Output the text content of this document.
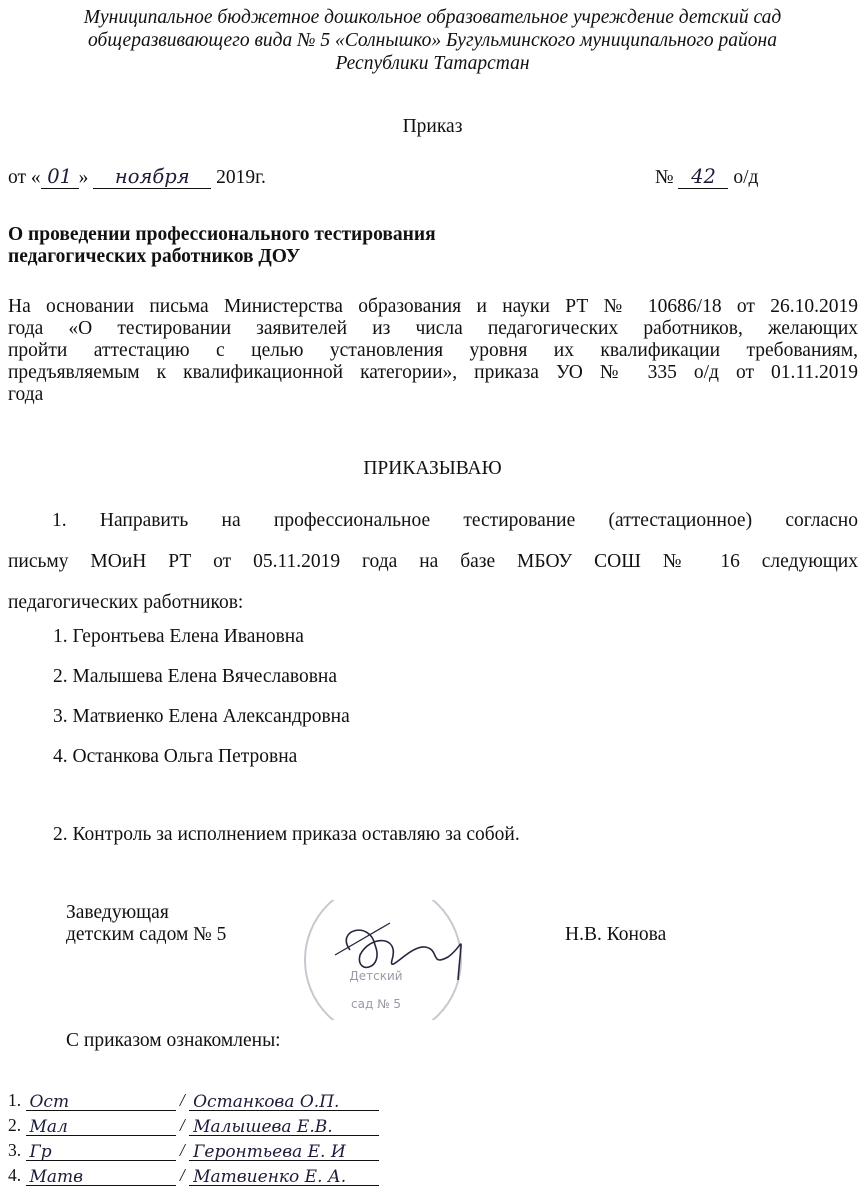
Муниципальное бюджетное дошкольное образовательное учреждение детский сад
общеразвивающего вида № 5 «Солнышко» Бугульминского муниципального района
Республики Татарстан
Приказ
от « 01 » ноября 2019г.	№ 42 о/д
О проведении профессионального тестирования
педагогических работников ДОУ
На основании письма Министерства образования и науки РТ № 10686/18 от 26.10.2019
года «О тестировании заявителей из числа педагогических работников, желающих
пройти аттестацию с целью установления уровня их квалификации требованиям,
предъявляемым к квалификационной категории», приказа УО № 335 о/д от 01.11.2019
года
ПРИКАЗЫВАЮ
1. Направить на профессиональное тестирование (аттестационное) согласно
письму МОиН РТ от 05.11.2019 года на базе МБОУ СОШ № 16 следующих
педагогических работников:
1. Геронтьева Елена Ивановна
2. Малышева Елена Вячеславовна
3. Матвиенко Елена Александровна
4. Останкова Ольга Петровна
2. Контроль за исполнением приказа оставляю за собой.
Заведующая
детским садом № 5
Детский
сад № 5
Н.В. Конова
С приказом ознакомлены:
1. Ост	/ Останкова О.П.
2. Мал	/ Малышева Е.В.
3. Гр	/ Геронтьева Е. И
4. Матв	/ Матвиенко Е. А.
